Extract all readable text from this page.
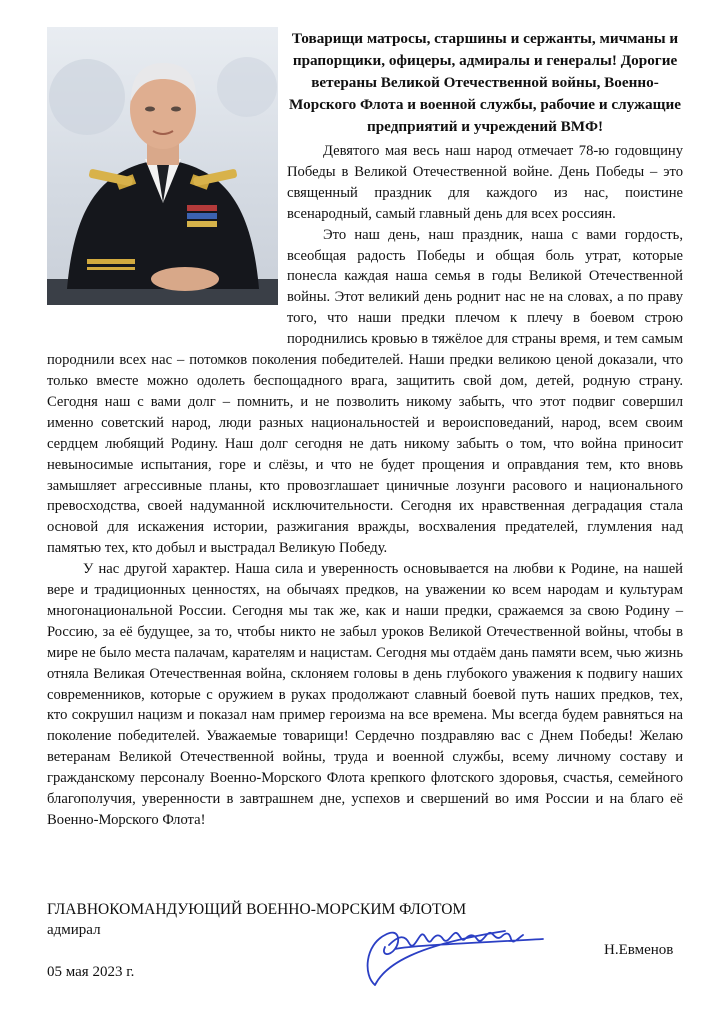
Товарищи матросы, старшины и сержанты, мичманы и прапорщики, офицеры, адмиралы и генералы! Дорогие ветераны Великой Отечественной войны, Военно-Морского Флота и военной службы, рабочие и служащие предприятий и учреждений ВМФ!

Девятого мая весь наш народ отмечает 78-ю годовщину Победы в Великой Отечественной войне. День Победы – это священный праздник для каждого из нас, поистине всенародный, самый главный день для всех россиян.

Это наш день, наш праздник, наша с вами гордость, всеобщая радость Победы и общая боль утрат, которые понесла каждая наша семья в годы Великой Отечественной войны. Этот великий день роднит нас не на словах, а по праву того, что наши предки плечом к плечу в боевом строю породнились кровью в тяжёлое для страны время, и тем самым породнили всех нас – потомков поколения победителей. Наши предки великою ценой доказали, что только вместе можно одолеть беспощадного врага, защитить свой дом, детей, родную страну. Сегодня наш с вами долг – помнить, и не позволить никому забыть, что этот подвиг совершил именно советский народ, люди разных национальностей и вероисповеданий, народ, всем своим сердцем любящий Родину. Наш долг сегодня не дать никому забыть о том, что война приносит невыносимые испытания, горе и слёзы, и что не будет прощения и оправдания тем, кто вновь замышляет агрессивные планы, кто провозглашает циничные лозунги расового и национального превосходства, своей надуманной исключительности. Сегодня их нравственная деградация стала основой для искажения истории, разжигания вражды, восхваления предателей, глумления над памятью тех, кто добыл и выстрадал Великую Победу.

У нас другой характер. Наша сила и уверенность основывается на любви к Родине, на нашей вере и традиционных ценностях, на обычаях предков, на уважении ко всем народам и культурам многонациональной России. Сегодня мы так же, как и наши предки, сражаемся за свою Родину – Россию, за её будущее, за то, чтобы никто не забыл уроков Великой Отечественной войны, чтобы в мире не было места палачам, карателям и нацистам. Сегодня мы отдаём дань памяти всем, чью жизнь отняла Великая Отечественная война, склоняем головы в день глубокого уважения к подвигу наших современников, которые с оружием в руках продолжают славный боевой путь наших предков, тех, кто сокрушил нацизм и показал нам пример героизма на все времена. Мы всегда будем равняться на поколение победителей. Уважаемые товарищи! Сердечно поздравляю вас с Днем Победы! Желаю ветеранам Великой Отечественной войны, труда и военной службы, всему личному составу и гражданскому персоналу Военно-Морского Флота крепкого флотского здоровья, счастья, семейного благополучия, уверенности в завтрашнем дне, успехов и свершений во имя России и на благо её Военно-Морского Флота!

ГЛАВНОКОМАНДУЮЩИЙ ВОЕННО-МОРСКИМ ФЛОТОМ
адмирал
05 мая 2023 г.
Н.Евменов
